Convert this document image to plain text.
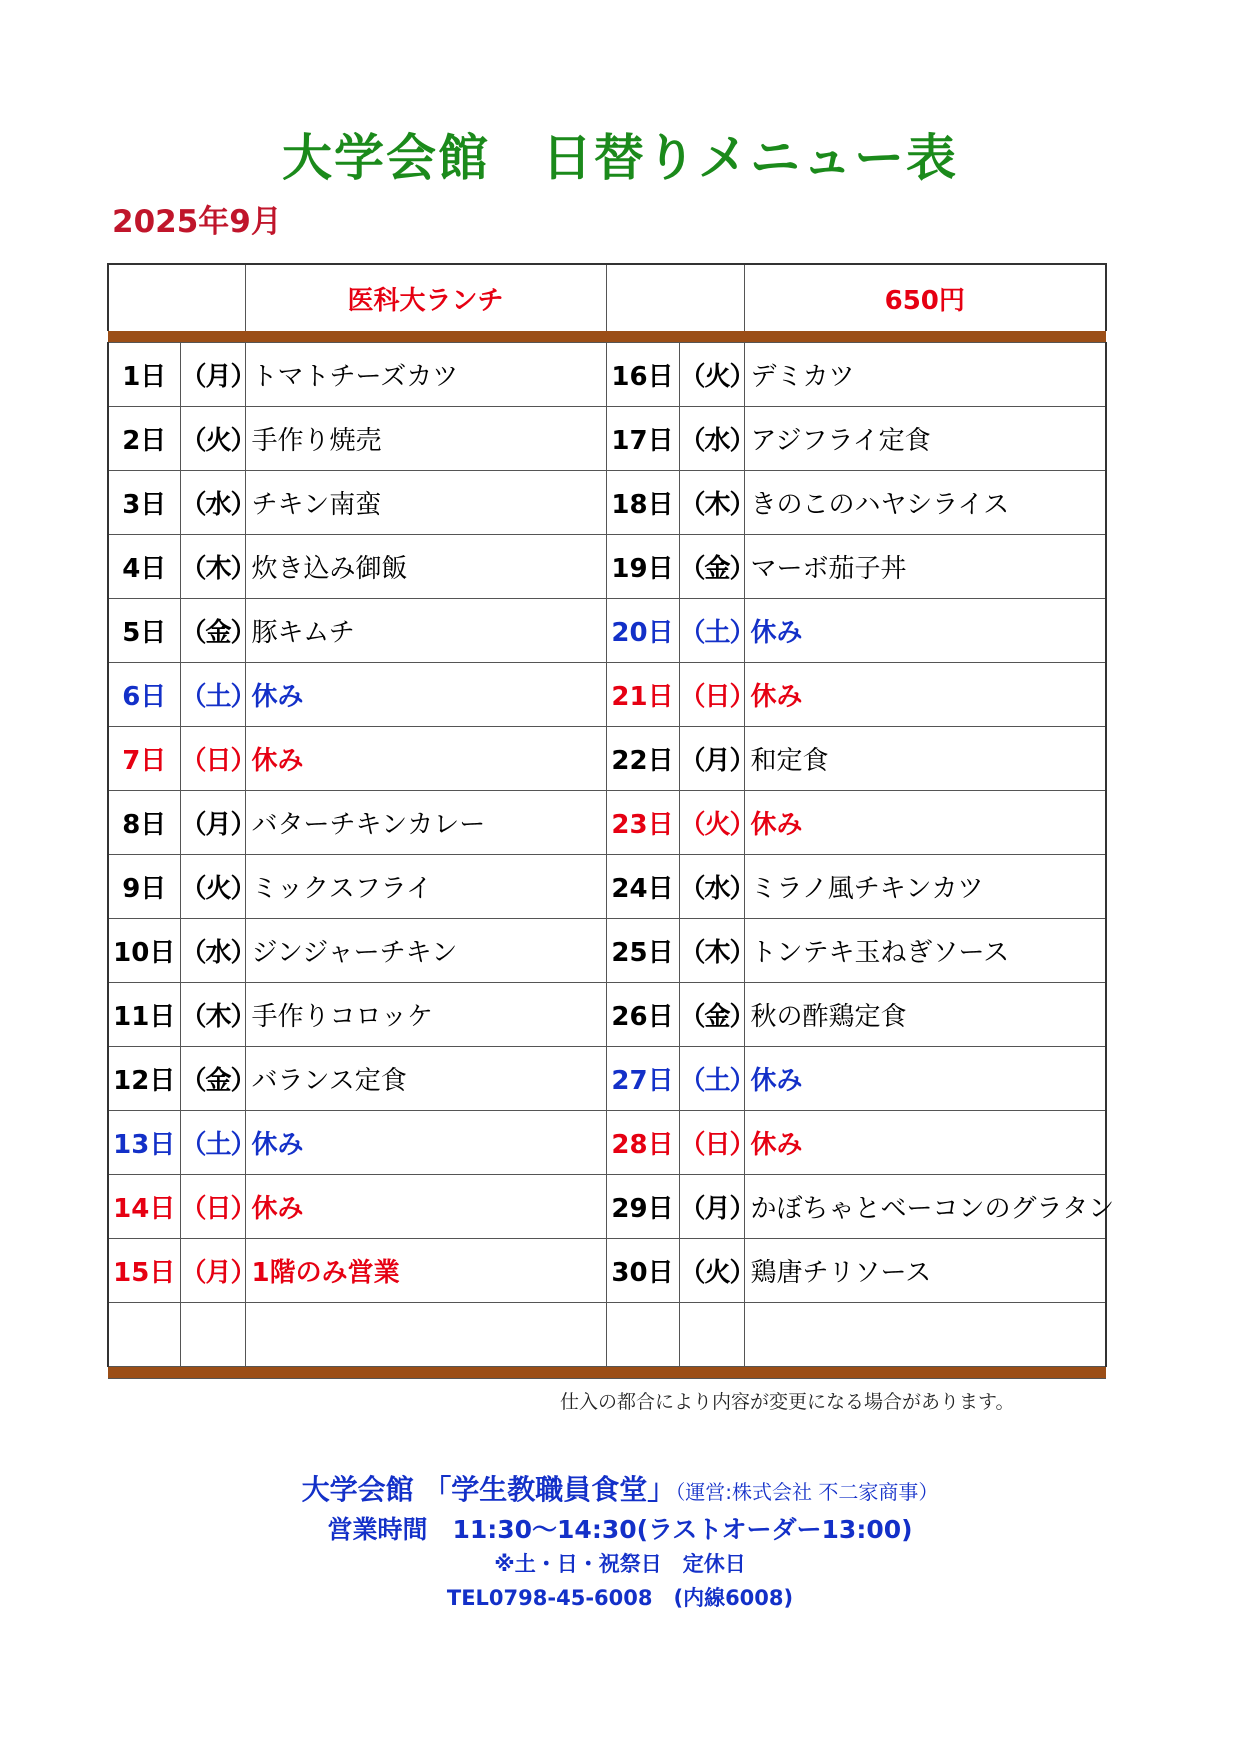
大学会館　日替りメニュー表
2025年9月
		医科大ランチ			650円

1日	（月）	トマトチーズカツ	16日	（火）	デミカツ
2日	（火）	手作り焼売	17日	（水）	アジフライ定食
3日	（水）	チキン南蛮	18日	（木）	きのこのハヤシライス
4日	（木）	炊き込み御飯	19日	（金）	マーボ茄子丼
5日	（金）	豚キムチ	20日	（土）	休み
6日	（土）	休み	21日	（日）	休み
7日	（日）	休み	22日	（月）	和定食
8日	（月）	バターチキンカレー	23日	（火）	休み
9日	（火）	ミックスフライ	24日	（水）	ミラノ風チキンカツ
10日	（水）	ジンジャーチキン	25日	（木）	トンテキ玉ねぎソース
11日	（木）	手作りコロッケ	26日	（金）	秋の酢鶏定食
12日	（金）	バランス定食	27日	（土）	休み
13日	（土）	休み	28日	（日）	休み
14日	（日）	休み	29日	（月）	かぼちゃとベーコンのグラタン
15日	（月）	1階のみ営業	30日	（火）	鶏唐チリソース

仕入の都合により内容が変更になる場合があります。
大学会館 「学生教職員食堂」（運営:株式会社 不二家商事）
営業時間　11:30～14:30(ラストオーダー13:00)
※土・日・祝祭日　定休日
TEL0798-45-6008　(内線6008)
